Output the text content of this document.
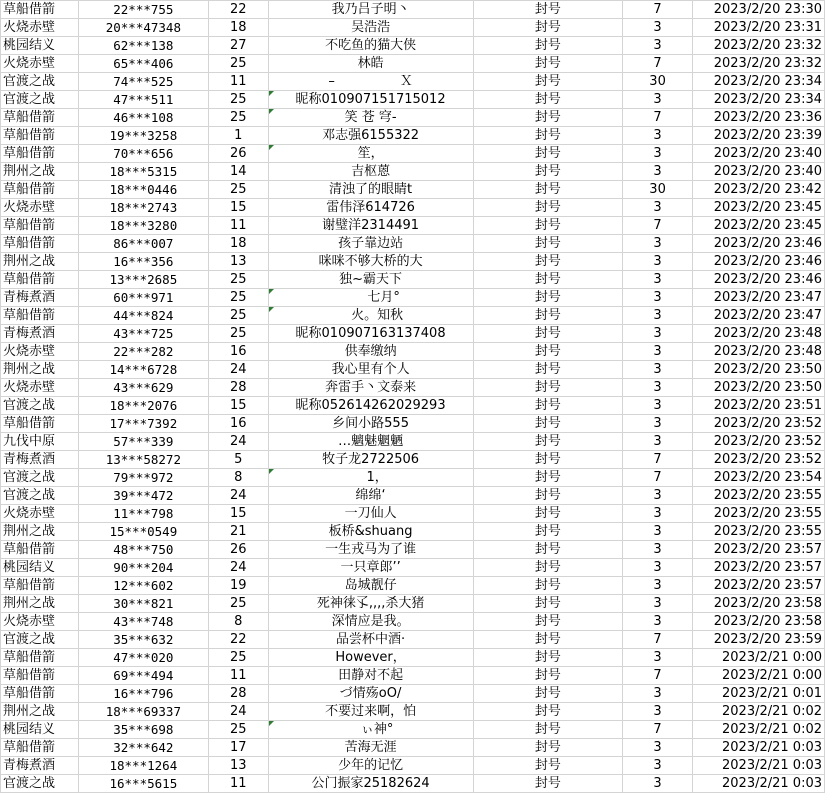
草船借箭	22***755	22	我乃吕子明丶	封号	7	2023/2/20 23:30
火烧赤壁	20***47348	18	吴浩浩	封号	3	2023/2/20 23:31
桃园结义	62***138	27	不吃鱼的猫大侠	封号	3	2023/2/20 23:32
火烧赤壁	65***406	25	林皓	封号	7	2023/2/20 23:32
官渡之战	74***525	11	–　　　　　Ｘ	封号	30	2023/2/20 23:34
官渡之战	47***511	25	昵称010907151715012	封号	3	2023/2/20 23:34
草船借箭	46***108	25	笑 苍 穹-	封号	7	2023/2/20 23:36
草船借箭	19***3258	1	邓志强6155322	封号	3	2023/2/20 23:39
草船借箭	70***656	26	笙，	封号	3	2023/2/20 23:40
荆州之战	18***5315	14	吉枢蒽	封号	3	2023/2/20 23:40
草船借箭	18***0446	25	清浊了的眼睛t	封号	30	2023/2/20 23:42
火烧赤壁	18***2743	15	雷伟泽614726	封号	3	2023/2/20 23:45
草船借箭	18***3280	11	谢璧洋2314491	封号	7	2023/2/20 23:45
草船借箭	86***007	18	孩子靠边站	封号	3	2023/2/20 23:46
荆州之战	16***356	13	咪咪不够大桥的大	封号	3	2023/2/20 23:46
草船借箭	13***2685	25	独~霸天下	封号	3	2023/2/20 23:46
青梅煮酒	60***971	25	　　七月°	封号	3	2023/2/20 23:47
草船借箭	44***824	25	　火。知秋	封号	3	2023/2/20 23:47
青梅煮酒	43***725	25	昵称010907163137408	封号	3	2023/2/20 23:48
火烧赤壁	22***282	16	供奉缴纳	封号	3	2023/2/20 23:48
荆州之战	14***6728	24	我心里有个人	封号	3	2023/2/20 23:50
火烧赤壁	43***629	28	奔雷手丶文泰来	封号	3	2023/2/20 23:50
官渡之战	18***2076	15	昵称052614262029293	封号	3	2023/2/20 23:51
草船借箭	17***7392	16	乡间小路555	封号	3	2023/2/20 23:52
九伐中原	57***339	24	…魑魅魍魉	封号	3	2023/2/20 23:52
青梅煮酒	13***58272	5	牧子龙2722506	封号	7	2023/2/20 23:52
官渡之战	79***972	8	　1，	封号	7	2023/2/20 23:54
官渡之战	39***472	24	绵绵‘	封号	3	2023/2/20 23:55
火烧赤壁	11***798	15	一刀仙人	封号	3	2023/2/20 23:55
荆州之战	15***0549	21	板桥&shuang	封号	3	2023/2/20 23:55
草船借箭	48***750	26	一生戎马为了谁	封号	3	2023/2/20 23:57
桃园结义	90***204	24	一只章郎’’	封号	3	2023/2/20 23:57
草船借箭	12***602	19	岛城靓仔	封号	3	2023/2/20 23:57
荆州之战	30***821	25	死神徕孓,,,,杀大猪	封号	3	2023/2/20 23:58
火烧赤壁	43***748	8	深情应是我。	封号	3	2023/2/20 23:58
官渡之战	35***632	22	品尝杯中酒·	封号	7	2023/2/20 23:59
草船借箭	47***020	25	However，	封号	3	2023/2/21 0:00
草船借箭	69***494	11	田静对不起	封号	7	2023/2/21 0:00
草船借箭	16***796	28	づ情殇oO/	封号	3	2023/2/21 0:01
荆州之战	18***69337	24	不要过来啊，怕	封号	3	2023/2/21 0:02
桃园结义	35***698	25	　ぃ神°	封号	7	2023/2/21 0:02
草船借箭	32***642	17	苦海无涯	封号	3	2023/2/21 0:03
青梅煮酒	18***1264	13	少年的记忆	封号	3	2023/2/21 0:03
官渡之战	16***5615	11	公门振家25182624	封号	3	2023/2/21 0:03
